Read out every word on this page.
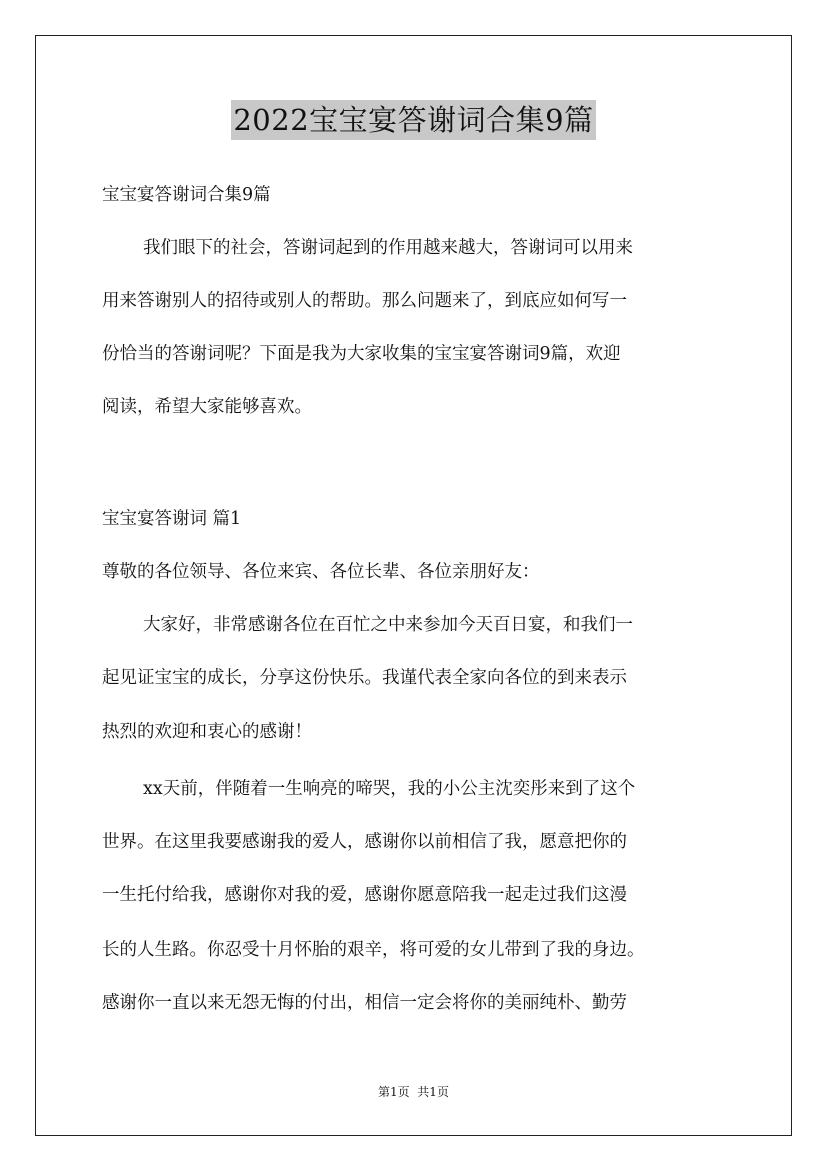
2022宝宝宴答谢词合集9篇
宝宝宴答谢词合集9篇
我们眼下的社会，答谢词起到的作用越来越大，答谢词可以用来
用来答谢别人的招待或别人的帮助。那么问题来了，到底应如何写一
份恰当的答谢词呢？下面是我为大家收集的宝宝宴答谢词9篇，欢迎
阅读，希望大家能够喜欢。
宝宝宴答谢词 篇1
尊敬的各位领导、各位来宾、各位长辈、各位亲朋好友：
大家好，非常感谢各位在百忙之中来参加今天百日宴，和我们一
起见证宝宝的成长，分享这份快乐。我谨代表全家向各位的到来表示
热烈的欢迎和衷心的感谢！
xx天前，伴随着一生响亮的啼哭，我的小公主沈奕彤来到了这个
世界。在这里我要感谢我的爱人，感谢你以前相信了我，愿意把你的
一生托付给我，感谢你对我的爱，感谢你愿意陪我一起走过我们这漫
长的人生路。你忍受十月怀胎的艰辛，将可爱的女儿带到了我的身边。
感谢你一直以来无怨无悔的付出，相信一定会将你的美丽纯朴、勤劳
第1页  共1页
